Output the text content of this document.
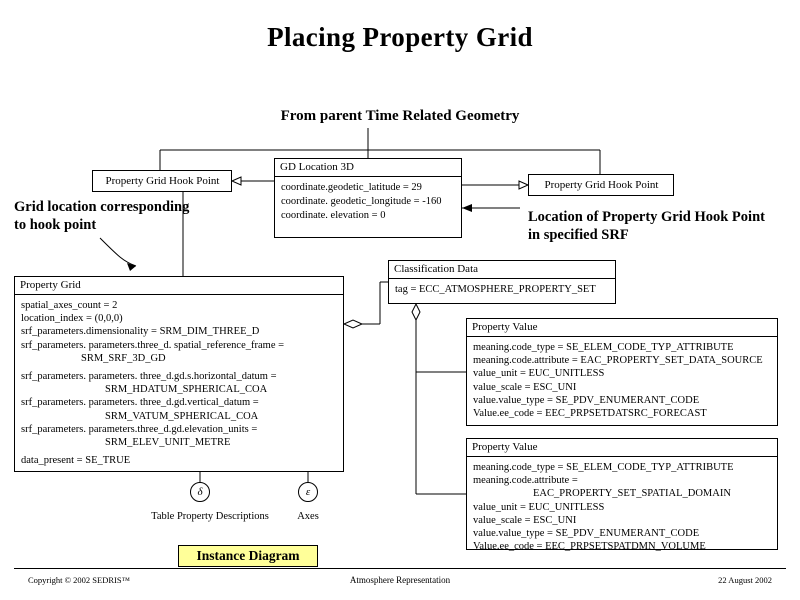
Placing Property Grid
From parent Time Related Geometry
Property Grid Hook Point	Property Grid Hook Point
GD Location 3D
coordinate.geodetic_latitude = 29
coordinate. geodetic_longitude = -160
coordinate. elevation = 0
Property Grid
spatial_axes_count = 2
location_index = (0,0,0)
srf_parameters.dimensionality = SRM_DIM_THREE_D
srf_parameters. parameters.three_d. spatial_reference_frame =
SRM_SRF_3D_GD
srf_parameters. parameters. three_d.gd.s.horizontal_datum =
SRM_HDATUM_SPHERICAL_COA
srf_parameters. parameters. three_d.gd.vertical_datum =
SRM_VATUM_SPHERICAL_COA
srf_parameters. parameters.three_d.gd.elevation_units =
SRM_ELEV_UNIT_METRE
data_present = SE_TRUE
Classification Data
tag = ECC_ATMOSPHERE_PROPERTY_SET
Property Value
meaning.code_type = SE_ELEM_CODE_TYP_ATTRIBUTE
meaning.code.attribute = EAC_PROPERTY_SET_DATA_SOURCE
value_unit = EUC_UNITLESS
value_scale = ESC_UNI
value.value_type = SE_PDV_ENUMERANT_CODE
Value.ee_code = EEC_PRPSETDATSRC_FORECAST
Property Value
meaning.code_type = SE_ELEM_CODE_TYP_ATTRIBUTE
meaning.code.attribute =
EAC_PROPERTY_SET_SPATIAL_DOMAIN
value_unit = EUC_UNITLESS
value_scale = ESC_UNI
value.value_type = SE_PDV_ENUMERANT_CODE
Value.ee_code = EEC_PRPSETSPATDMN_VOLUME
Grid location corresponding to hook point	Location of Property Grid Hook Point in specified SRF
δ	ε
Table Property Descriptions	Axes
Instance Diagram
Copyright © 2002 SEDRIS™	Atmosphere Representation	22 August 2002
